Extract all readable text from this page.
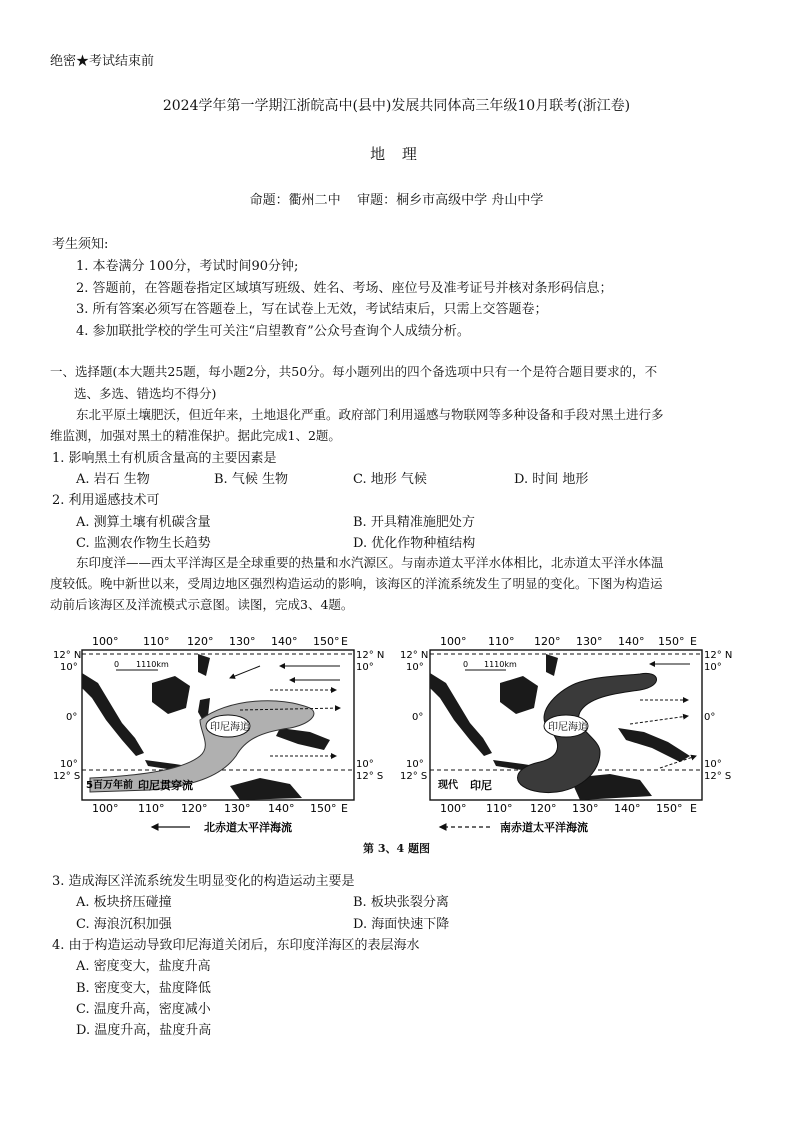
绝密★考试结束前
2024学年第一学期江浙皖高中(县中)发展共同体高三年级10月联考(浙江卷)
地 理
命题：衢州二中    审题：桐乡市高级中学 舟山中学
考生须知:
1. 本卷满分 100分，考试时间90分钟;
2. 答题前，在答题卷指定区域填写班级、姓名、考场、座位号及准考证号并核对条形码信息；
3. 所有答案必须写在答题卷上，写在试卷上无效，考试结束后，只需上交答题卷；
4. 参加联批学校的学生可关注“启望教育”公众号查询个人成绩分析。
一、选择题(本大题共25题，每小题2分，共50分。每小题列出的四个备选项中只有一个是符合题目要求的，不
选、多选、错选均不得分)
东北平原土壤肥沃，但近年来，土地退化严重。政府部门利用遥感与物联网等多种设备和手段对黑土进行多
维监测，加强对黑土的精准保护。据此完成1、2题。
1. 影响黑土有机质含量高的主要因素是
A. 岩石 生物	B. 气候 生物	C. 地形 气候	D. 时间 地形
2. 利用遥感技术可
A. 测算土壤有机碳含量	B. 开具精准施肥处方
C. 监测农作物生长趋势	D. 优化作物种植结构
东印度洋——西太平洋海区是全球重要的热量和水汽源区。与南赤道太平洋水体相比，北赤道太平洋水体温
度较低。晚中新世以来，受周边地区强烈构造运动的影响，该海区的洋流系统发生了明显的变化。下图为构造运
动前后该海区及洋流模式示意图。读图，完成3、4题。
100° 110° 120° 130° 140° 150° E
12° N
10°
0°
10°
12° S
12° N
10°
10°
12° S
0 1110km
印尼海道
5百万年前 印尼贯穿流
100° 110° 120° 130° 140° 150° E
100° 110° 120° 130° 140° 150° E
12° N
10°
0°
10°
12° S
12° N
10°
0°
10°
12° S
0 1110km
印尼海道
现代 印尼
100° 110° 120° 130° 140° 150° E
北赤道太平洋海流	南赤道太平洋海流
第 3、4 题图
3. 造成海区洋流系统发生明显变化的构造运动主要是
A. 板块挤压碰撞	B. 板块张裂分离
C. 海浪沉积加强	D. 海面快速下降
4. 由于构造运动导致印尼海道关闭后，东印度洋海区的表层海水
A. 密度变大，盐度升高
B. 密度变大，盐度降低
C. 温度升高，密度减小
D. 温度升高，盐度升高
